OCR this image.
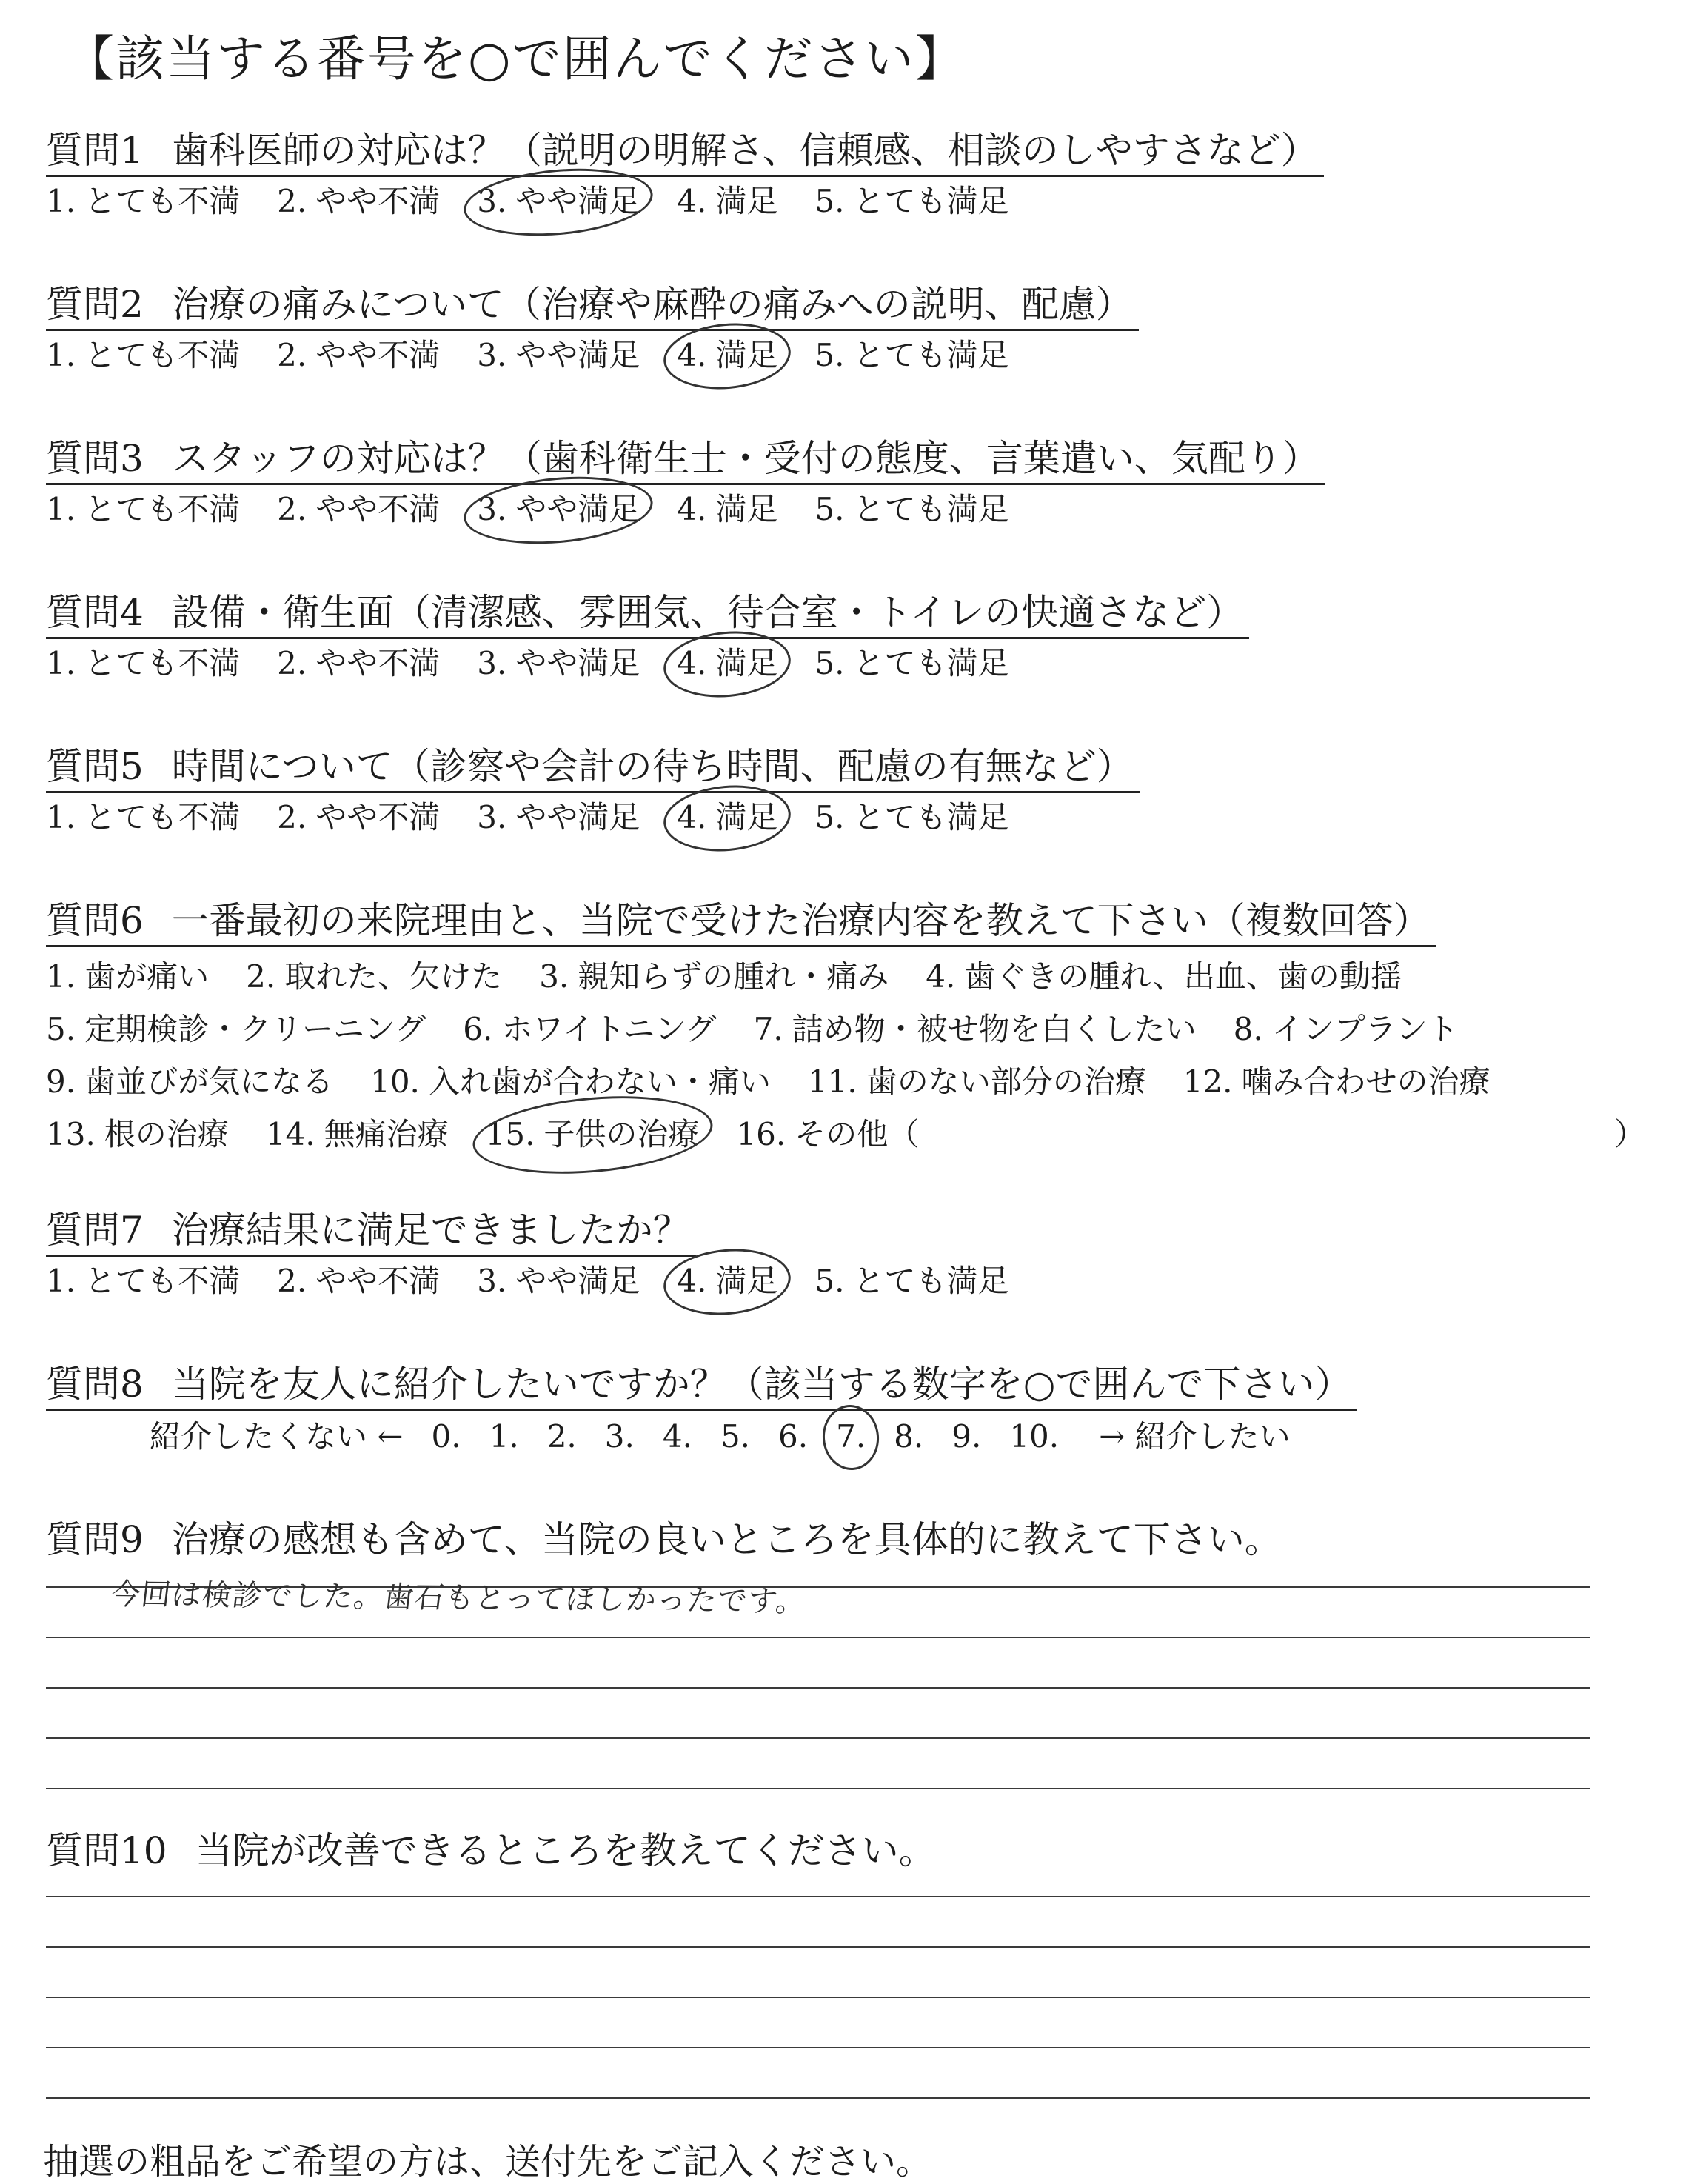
【該当する番号を○で囲んでください】
質問1 歯科医師の対応は？（説明の明解さ、信頼感、相談のしやすさなど）
1. とても不満 2. やや不満 3. やや満足 4. 満足 5. とても満足
質問2 治療の痛みについて（治療や麻酔の痛みへの説明、配慮）
1. とても不満 2. やや不満 3. やや満足 4. 満足 5. とても満足
質問3 スタッフの対応は？（歯科衛生士・受付の態度、言葉遣い、気配り）
1. とても不満 2. やや不満 3. やや満足 4. 満足 5. とても満足
質問4 設備・衛生面（清潔感、雰囲気、待合室・トイレの快適さなど）
1. とても不満 2. やや不満 3. やや満足 4. 満足 5. とても満足
質問5 時間について（診察や会計の待ち時間、配慮の有無など）
1. とても不満 2. やや不満 3. やや満足 4. 満足 5. とても満足
質問6 一番最初の来院理由と、当院で受けた治療内容を教えて下さい（複数回答）
1. 歯が痛い 2. 取れた、欠けた 3. 親知らずの腫れ・痛み 4. 歯ぐきの腫れ、出血、歯の動揺
5. 定期検診・クリーニング 6. ホワイトニング 7. 詰め物・被せ物を白くしたい 8. インプラント
9. 歯並びが気になる 10. 入れ歯が合わない・痛い 11. 歯のない部分の治療 12. 噛み合わせの治療
13. 根の治療 14. 無痛治療 15. 子供の治療 16. その他（	）
質問7 治療結果に満足できましたか？
1. とても不満 2. やや不満 3. やや満足 4. 満足 5. とても満足
質問8 当院を友人に紹介したいですか？（該当する数字を○で囲んで下さい）
紹介したくない ← 0. 1. 2. 3. 4. 5. 6. 7. 8. 9. 10. → 紹介したい
質問9 治療の感想も含めて、当院の良いところを具体的に教えて下さい。
今回は検診でした。歯石もとってほしかったです。
質問10 当院が改善できるところを教えてください。
抽選の粗品をご希望の方は、送付先をご記入ください。
